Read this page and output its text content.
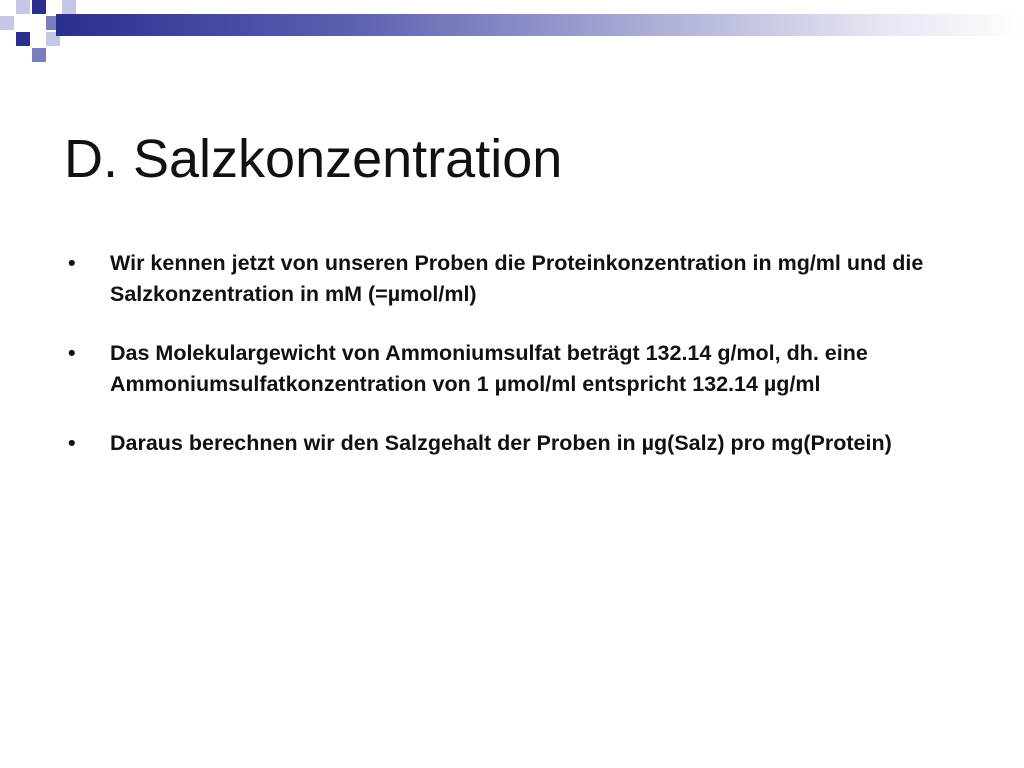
D. Salzkonzentration
•	Wir kennen jetzt von unseren Proben die Proteinkonzentration in mg/ml und die Salzkonzentration in mM (=µmol/ml)
•	Das Molekulargewicht von Ammoniumsulfat beträgt 132.14 g/mol, dh. eine Ammoniumsulfatkonzentration von 1 µmol/ml entspricht 132.14 µg/ml
•	Daraus berechnen wir den Salzgehalt der Proben in µg(Salz) pro mg(Protein)
